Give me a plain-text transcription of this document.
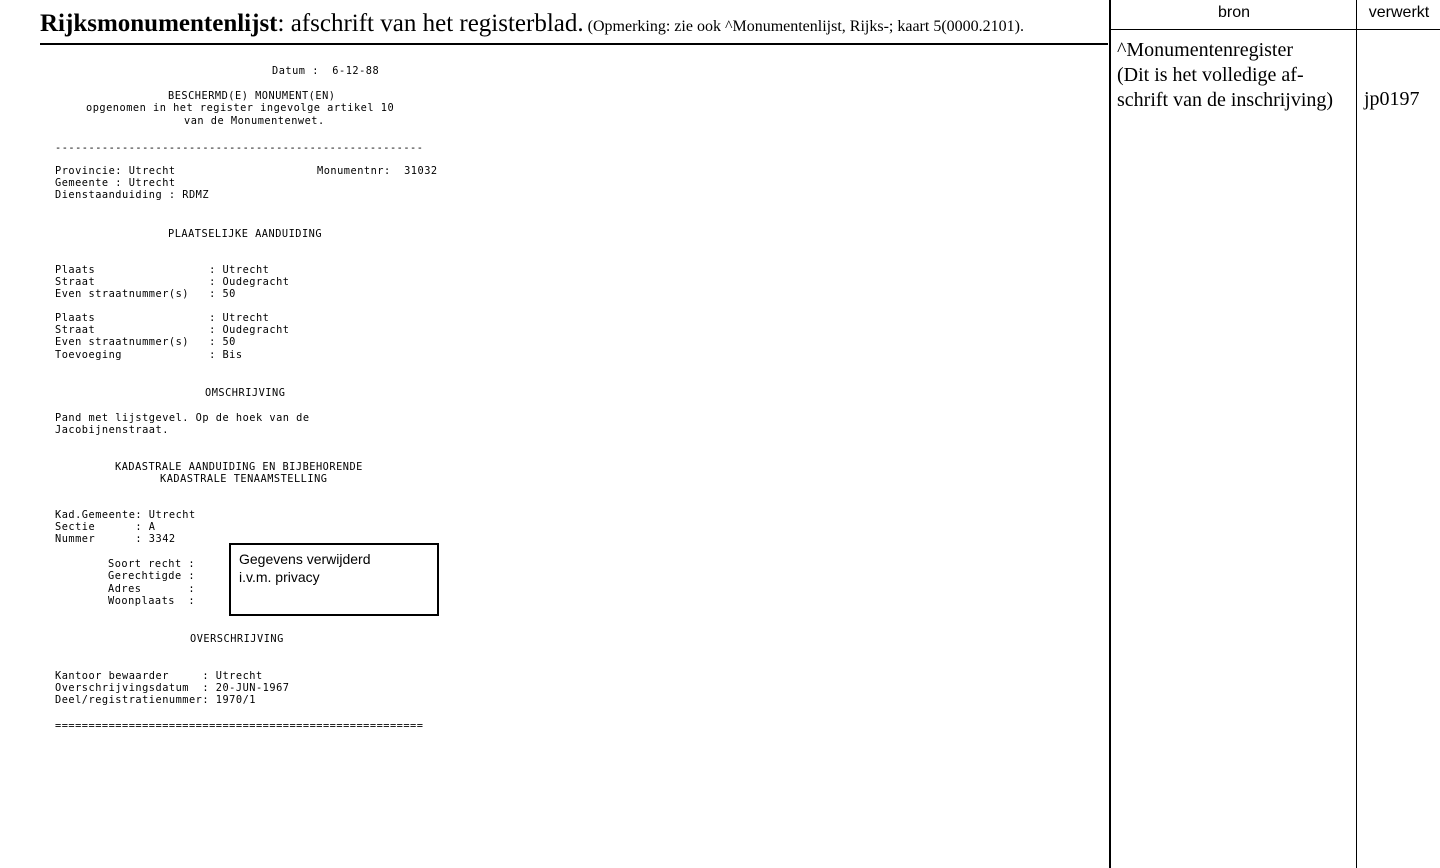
Rijksmonumentenlijst: afschrift van het registerblad. (Opmerking: zie ook ^Monumentenlijst, Rijks-; kaart 5(0000.2101).
bron	verwerkt
^Monumentenregister
(Dit is het volledige af-
schrift van de inschrijving)	jp0197

Datum :  6-12-88

BESCHERMD(E) MONUMENT(EN)

opgenomen in het register ingevolge artikel 10

van de Monumentenwet.

-------------------------------------------------------

Provincie: Utrecht

	Monumentnr:  31032

Gemeente : Utrecht

Dienstaanduiding : RDMZ

PLAATSELIJKE AANDUIDING

Plaats                 : Utrecht

Straat                 : Oudegracht

Even straatnummer(s)   : 50

Plaats                 : Utrecht

Straat                 : Oudegracht

Even straatnummer(s)   : 50

Toevoeging             : Bis

OMSCHRIJVING

Pand met lijstgevel. Op de hoek van de

Jacobijnenstraat.

KADASTRALE AANDUIDING EN BIJBEHORENDE

KADASTRALE TENAAMSTELLING

Kad.Gemeente: Utrecht

Sectie      : A

Nummer      : 3342

Soort recht :

Gerechtigde :

Adres       :

Woonplaats  :

OVERSCHRIJVING

Kantoor bewaarder     : Utrecht

Overschrijvingsdatum  : 20-JUN-1967

Deel/registratienummer: 1970/1

=======================================================

Gegevens verwijderd
i.v.m. privacy
